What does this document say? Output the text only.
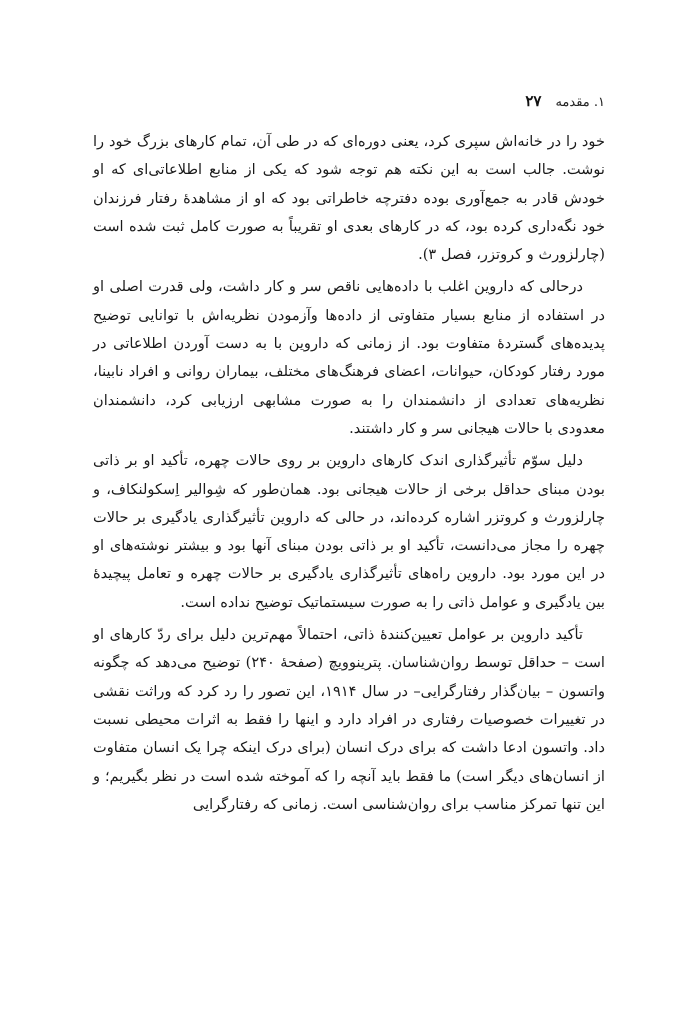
۱. مقدمه
۲۷

خود را در خانه‌اش سپری کرد، یعنی دوره‌ای که در طی آن، تمام کارهای بزرگ خود را نوشت. جالب است به این نکته هم توجه شود که یکی از منابع اطلاعاتی‌ای که او خودش قادر به جمع‌آوری بوده دفترچه خاطراتی بود که او از مشاهدۀ رفتار فرزندان خود نگه‌داری کرده بود، که در کارهای بعدی او تقریباً به صورت کامل ثبت شده است (چارلزورث و کروتزر، فصل ۳).

درحالی که داروین اغلب با داده‌هایی ناقص سر و کار داشت، ولی قدرت اصلی او در استفاده از منابع بسیار متفاوتی از داده‌ها وآزمودن نظریه‌اش با توانایی توضیح پدیده‌های گستردۀ متفاوت بود. از زمانی که داروین با به دست آوردن اطلاعاتی در مورد رفتار کودکان، حیوانات، اعضای فرهنگ‌های مختلف، بیماران روانی و افراد نابینا، نظریه‌های تعدادی از دانشمندان را به صورت مشابهی ارزیابی کرد، دانشمندان معدودی با حالات هیجانی سر و کار داشتند.

دلیل سوّم تأثیرگذاری اندک کارهای داروین بر روی حالات چهره، تأکید او بر ذاتی بودن مبنای حداقل برخی از حالات هیجانی بود. همان‌طور که شِوالیر اِسکولنکاف، و چارلزورث و کروتزر اشاره کرده‌اند، در حالی که داروین تأثیرگذاری یادگیری بر حالات چهره را مجاز می‌دانست، تأکید او بر ذاتی بودن مبنای آنها بود و بیشتر نوشته‌های او در این مورد بود. داروین راه‌های تأثیرگذاری یادگیری بر حالات چهره و تعامل پیچیدۀ بین یادگیری و عوامل ذاتی را به صورت سیستماتیک توضیح نداده است.

تأکید داروین بر عوامل تعیین‌کنندۀ ذاتی، احتمالاً مهم‌ترین دلیل برای ردّ کارهای او است – حداقل توسط روان‌شناسان. پترینوویچ (صفحۀ ۲۴۰) توضیح می‌دهد که چگونه واتسون – بیان‌گذار رفتارگرایی– در سال ۱۹۱۴، این تصور را رد کرد که وراثت نقشی در تغییرات خصوصیات رفتاری در افراد دارد و اینها را فقط به اثرات محیطی نسبت داد. واتسون ادعا داشت که برای درک انسان (برای درک اینکه چرا یک انسان متفاوت از انسان‌های دیگر است) ما فقط باید آنچه را که آموخته شده است در نظر بگیریم؛ و این تنها تمرکز مناسب برای روان‌شناسی است. زمانی که رفتارگرایی
